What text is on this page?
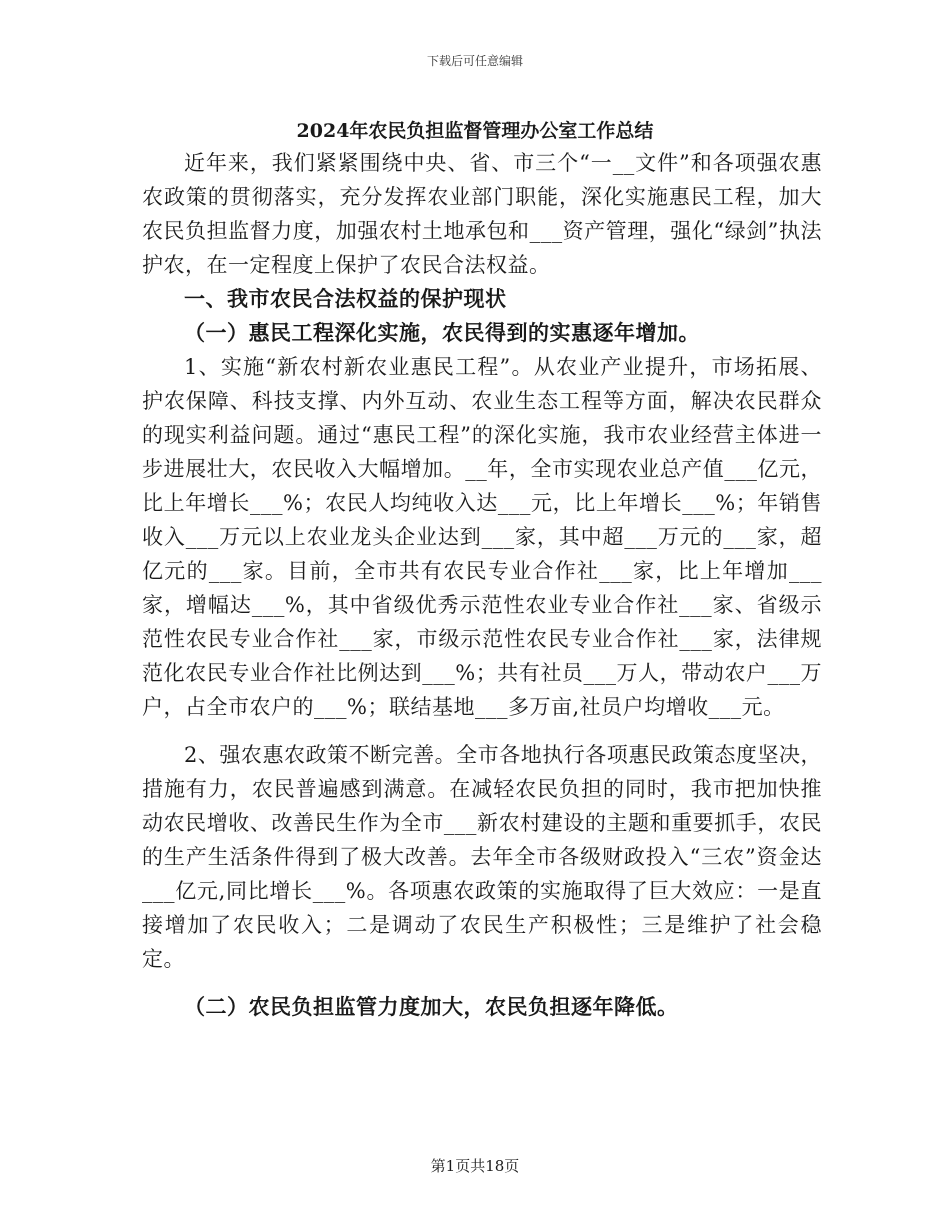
下载后可任意编辑
2024年农民负担监督管理办公室工作总结

近年来，我们紧紧围绕中央、省、市三个“一__文件”和各项强农惠农政策的贯彻落实，充分发挥农业部门职能，深化实施惠民工程，加大农民负担监督力度，加强农村土地承包和___资产管理，强化“绿剑”执法护农，在一定程度上保护了农民合法权益。

一、我市农民合法权益的保护现状

（一）惠民工程深化实施，农民得到的实惠逐年增加。

1、实施“新农村新农业惠民工程”。从农业产业提升，市场拓展、护农保障、科技支撑、内外互动、农业生态工程等方面，解决农民群众的现实利益问题。通过“惠民工程”的深化实施，我市农业经营主体进一步进展壮大，农民收入大幅增加。__年，全市实现农业总产值___亿元，比上年增长___%；农民人均纯收入达___元，比上年增长___%；年销售收入___万元以上农业龙头企业达到___家，其中超___万元的___家，超亿元的___家。目前，全市共有农民专业合作社___家，比上年增加___家，增幅达___%，其中省级优秀示范性农业专业合作社___家、省级示范性农民专业合作社___家，市级示范性农民专业合作社___家，法律规范化农民专业合作社比例达到___%；共有社员___万人，带动农户___万户，占全市农户的___%；联结基地___多万亩,社员户均增收___元。

2、强农惠农政策不断完善。全市各地执行各项惠民政策态度坚决，措施有力，农民普遍感到满意。在减轻农民负担的同时，我市把加快推动农民增收、改善民生作为全市___新农村建设的主题和重要抓手，农民的生产生活条件得到了极大改善。去年全市各级财政投入“三农”资金达___亿元,同比增长___%。各项惠农政策的实施取得了巨大效应：一是直接增加了农民收入；二是调动了农民生产积极性；三是维护了社会稳定。

（二）农民负担监管力度加大，农民负担逐年降低。

第1页共18页
